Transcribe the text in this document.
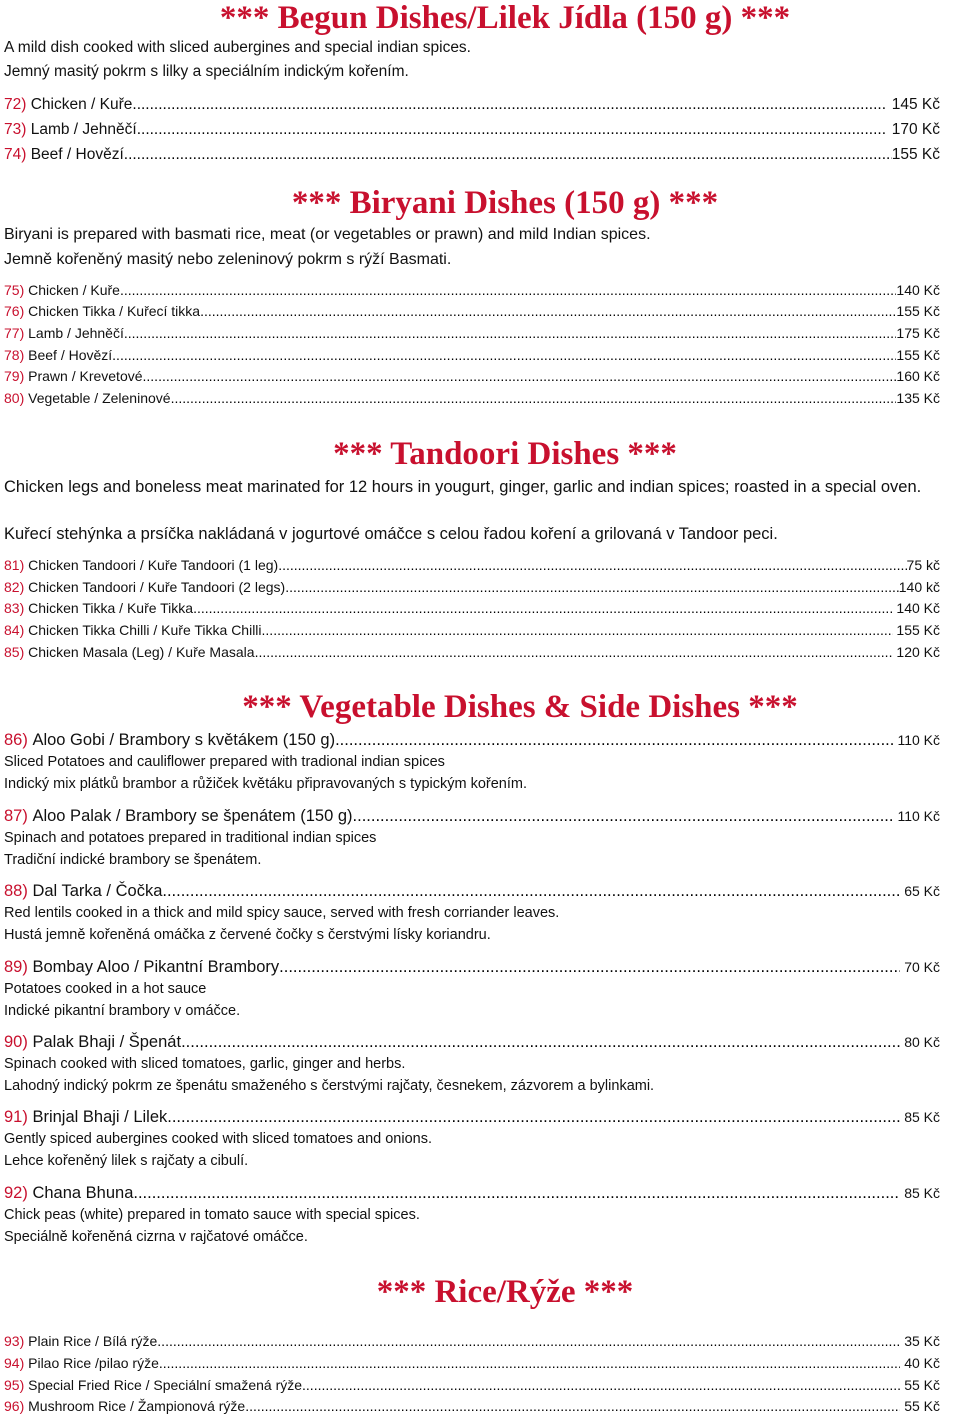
*** Begun Dishes/Lilek Jídla (150 g) ***
A mild dish cooked with sliced aubergines and special indian spices.
Jemný masitý pokrm s lilky a speciálním indickým kořením.
72)
Chicken / Kuře .....
	145 Kč
73)
Lamb / Jehněčí .....
	170 Kč
74)
Beef / Hovězí .....	155 Kč
*** Biryani Dishes (150 g) ***
Biryani is prepared with basmati rice, meat (or vegetables or prawn) and mild Indian spices.
Jemně kořeněný masitý nebo zeleninový pokrm s rýží Basmati.
75)
Chicken / Kuře .....	140 Kč
76)
Chicken Tikka / Kuřecí tikka .....	155 Kč
77)
Lamb / Jehněčí .....	175 Kč
78)
Beef / Hovězí .....	155 Kč
79)
Prawn / Krevetové .....	160 Kč
80)
Vegetable / Zeleninové .....	135 Kč
*** Tandoori Dishes ***
Chicken legs and boneless meat marinated for 12 hours in yougurt, ginger, garlic and indian spices; roasted in a special oven.
Kuřecí stehýnka a prsíčka nakládaná v jogurtové omáčce s celou řadou koření a grilovaná v Tandoor peci.
81)
Chicken Tandoori / Kuře Tandoori (1 leg) .....	75 kč
82)
Chicken Tandoori / Kuře Tandoori (2 legs) .....	140 kč
83)
Chicken Tikka / Kuře Tikka .....
	140 Kč
84)
Chicken Tikka Chilli / Kuře Tikka Chilli .....
	155 Kč
85)
Chicken Masala (Leg) / Kuře Masala .....
	120 Kč
*** Vegetable Dishes & Side Dishes ***
86)
Aloo Gobi / Brambory s květákem (150 g) .....
	110 Kč
Sliced Potatoes and cauliflower prepared with tradional indian spices
Indický mix plátků brambor a růžiček květáku připravovaných s typickým kořením.
87)
Aloo Palak / Brambory se špenátem (150 g) .....
	110 Kč
Spinach and potatoes prepared in traditional indian spices
Tradiční indické brambory se špenátem.
88)
Dal Tarka / Čočka .....
	65 Kč
Red lentils cooked in a thick and mild spicy sauce, served with fresh corriander leaves.
Hustá jemně kořeněná omáčka z červené čočky s čerstvými lísky koriandru.
89)
Bombay Aloo / Pikantní Brambory .....
	70 Kč
Potatoes cooked in a hot sauce
Indické pikantní brambory v omáčce.
90)
Palak Bhaji / Špenát .....
	80 Kč
Spinach cooked with sliced tomatoes, garlic, ginger and herbs.
Lahodný indický pokrm ze špenátu smaženého s čerstvými rajčaty, česnekem, zázvorem a bylinkami.
91)
Brinjal Bhaji / Lilek .....
	85 Kč
Gently spiced aubergines cooked with sliced tomatoes and onions.
Lehce kořeněný lilek s rajčaty a cibulí.
92)
Chana Bhuna .....
	85 Kč
Chick peas (white) prepared in tomato sauce with special spices.
Speciálně kořeněná cizrna v rajčatové omáčce.
*** Rice/Rýže ***
93)
Plain Rice / Bílá rýže .....
	35 Kč
94)
Pilao Rice /pilao rýže .....
	40 Kč
95)
Special Fried Rice / Speciální smažená rýže .....
	55 Kč
96)
Mushroom Rice / Žampionová rýže .....
	55 Kč
